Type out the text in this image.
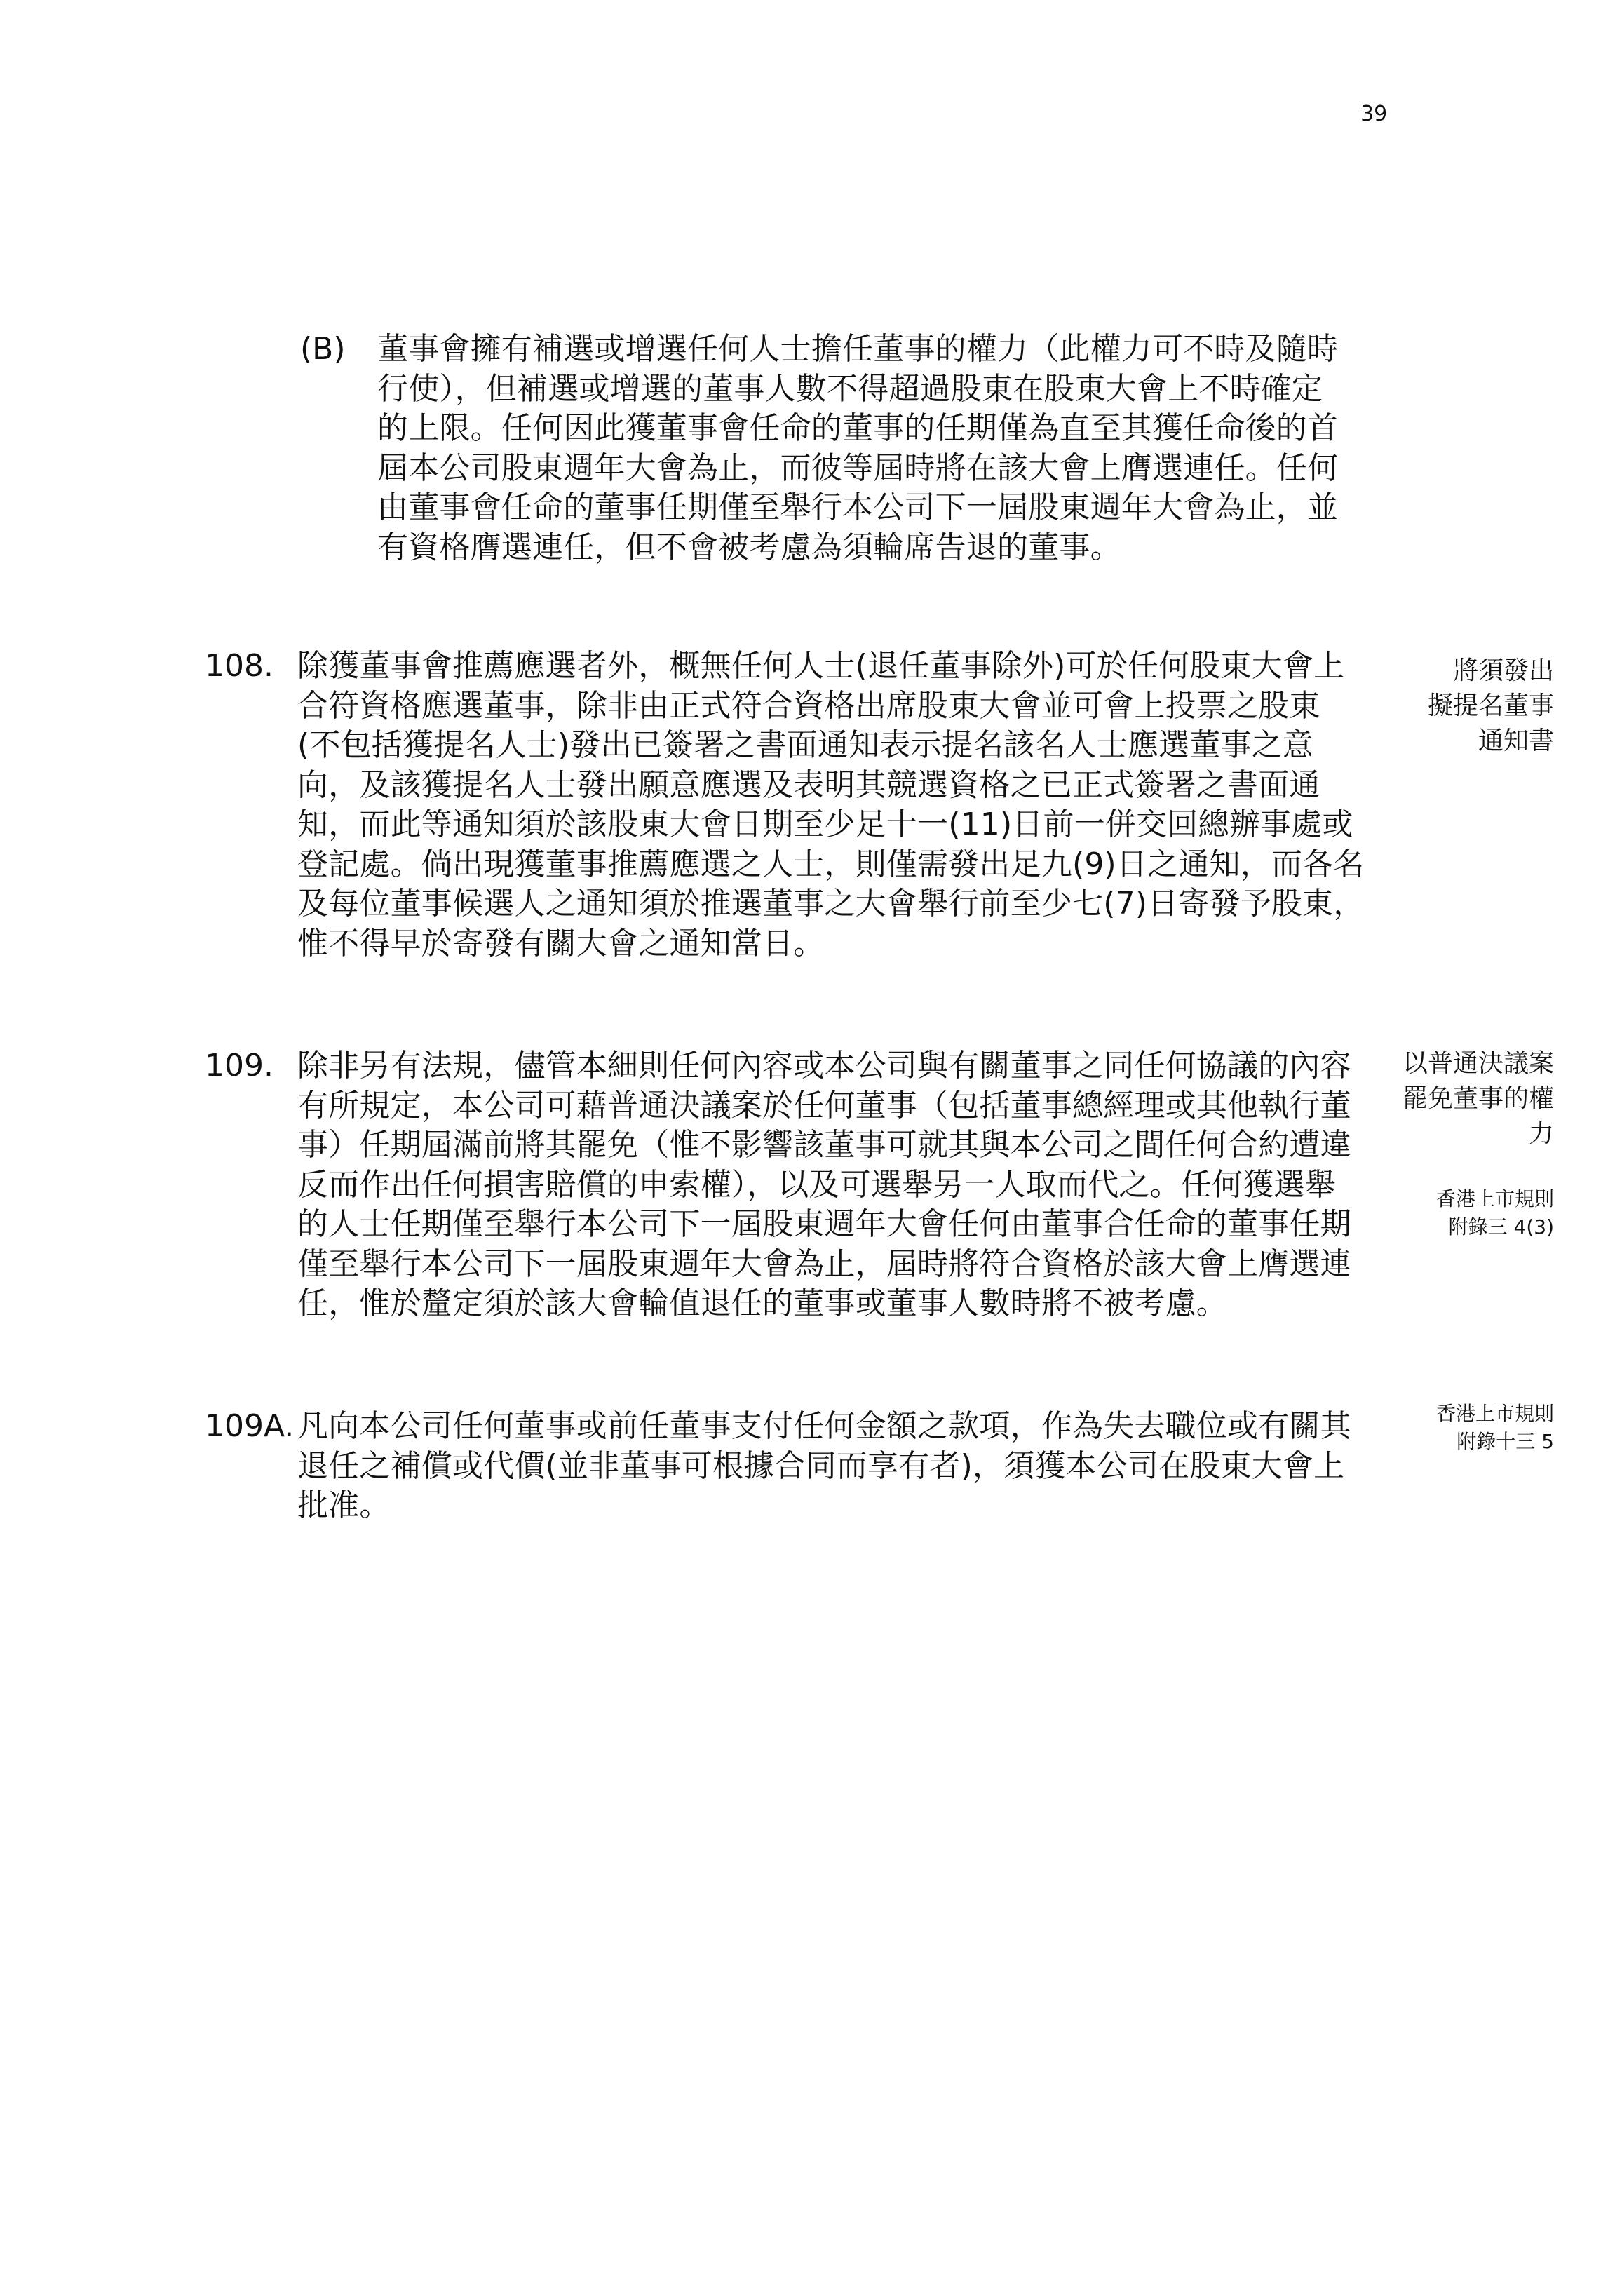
39
(B) 董事會擁有補選或增選任何人士擔任董事的權力（此權力可不時及隨時
行使），但補選或增選的董事人數不得超過股東在股東大會上不時確定
的上限。任何因此獲董事會任命的董事的任期僅為直至其獲任命後的首
屆本公司股東週年大會為止，而彼等屆時將在該大會上膺選連任。任何
由董事會任命的董事任期僅至舉行本公司下一屆股東週年大會為止，並
有資格膺選連任，但不會被考慮為須輪席告退的董事。
108. 除獲董事會推薦應選者外，概無任何人士(退任董事除外)可於任何股東大會上
合符資格應選董事，除非由正式符合資格出席股東大會並可會上投票之股東
(不包括獲提名人士)發出已簽署之書面通知表示提名該名人士應選董事之意
向，及該獲提名人士發出願意應選及表明其競選資格之已正式簽署之書面通
知，而此等通知須於該股東大會日期至少足十一(11)日前一併交回總辦事處或
登記處。倘出現獲董事推薦應選之人士，則僅需發出足九(9)日之通知，而各名
及每位董事候選人之通知須於推選董事之大會舉行前至少七(7)日寄發予股東，
惟不得早於寄發有關大會之通知當日。
將須發出
擬提名董事
通知書
109. 除非另有法規，儘管本細則任何內容或本公司與有關董事之同任何協議的內容
有所規定，本公司可藉普通決議案於任何董事（包括董事總經理或其他執行董
事）任期屆滿前將其罷免（惟不影響該董事可就其與本公司之間任何合約遭違
反而作出任何損害賠償的申索權），以及可選舉另一人取而代之。任何獲選舉
的人士任期僅至舉行本公司下一屆股東週年大會任何由董事合任命的董事任期
僅至舉行本公司下一屆股東週年大會為止，屆時將符合資格於該大會上膺選連
任，惟於釐定須於該大會輪值退任的董事或董事人數時將不被考慮。
以普通決議案
罷免董事的權
力
香港上市規則
附錄三 4(3)
109A. 凡向本公司任何董事或前任董事支付任何金額之款項，作為失去職位或有關其
退任之補償或代價(並非董事可根據合同而享有者)，須獲本公司在股東大會上
批准。
香港上市規則
附錄十三 5
